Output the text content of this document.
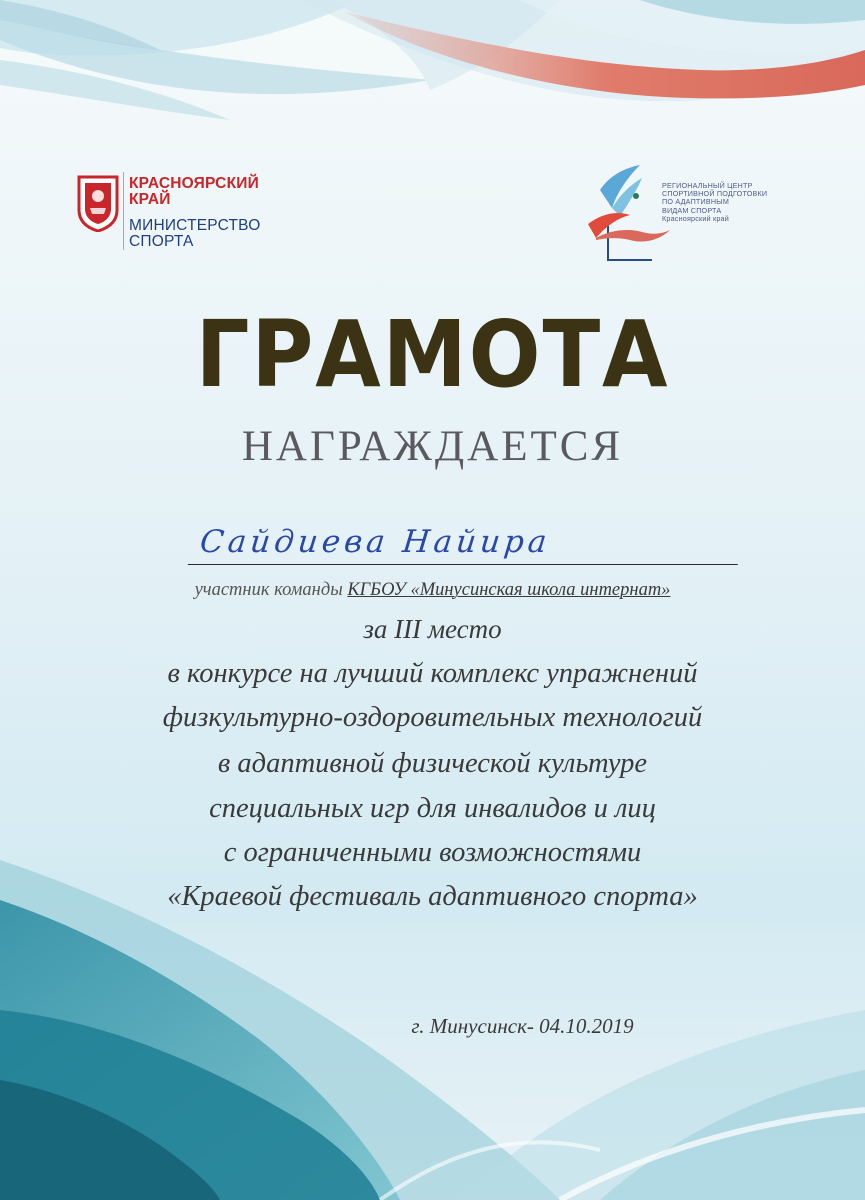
КРАСНОЯРСКИЙ КРАЙ
МИНИСТЕРСТВО СПОРТА
РЕГИОНАЛЬНЫЙ ЦЕНТР
СПОРТИВНОЙ ПОДГОТОВКИ
ПО АДАПТИВНЫМ
ВИДАМ СПОРТА
Красноярский край
ГРАМОТА
НАГРАЖДАЕТСЯ
Сайдиева Найира
участник команды КГБОУ «Минусинская школа интернат»
за III место
в конкурсе на лучший комплекс упражнений
физкультурно-оздоровительных технологий
в адаптивной физической культуре
специальных игр для инвалидов и лиц
с ограниченными возможностями
«Краевой фестиваль адаптивного спорта»
г. Минусинск- 04.10.2019
